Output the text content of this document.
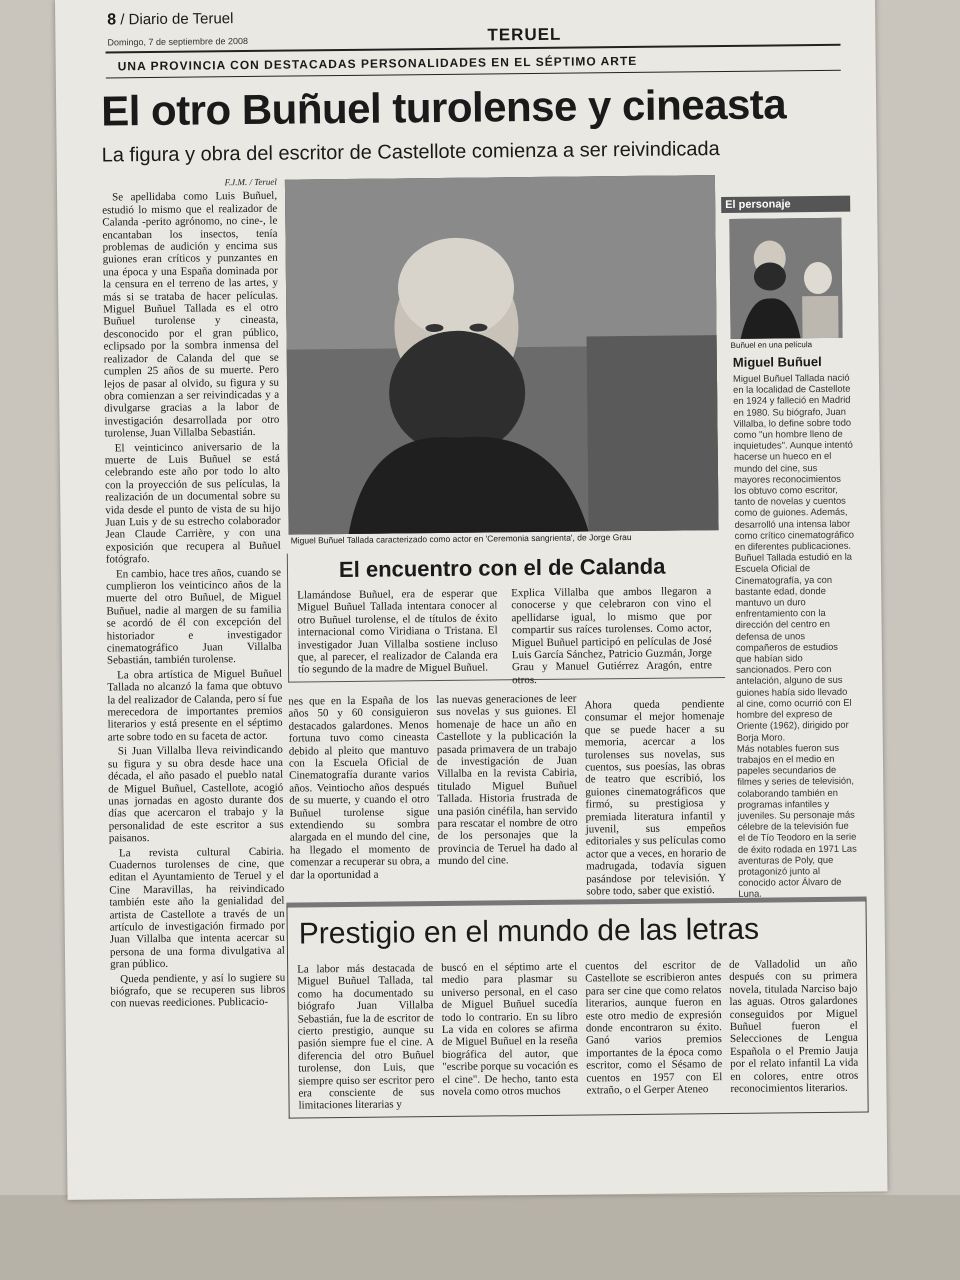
8 / Diario de Teruel
Domingo, 7 de septiembre de 2008	TERUEL
UNA PROVINCIA CON DESTACADAS PERSONALIDADES EN EL SÉPTIMO ARTE
El otro Buñuel turolense y cineasta
La figura y obra del escritor de Castellote comienza a ser reivindicada
F.J.M. / Teruel

Se apellidaba como Luis Buñuel, estudió lo mismo que el realizador de Calanda -perito agrónomo, no cine-, le encantaban los insectos, tenía problemas de audición y encima sus guiones eran críticos y punzantes en una época y una España dominada por la censura en el terreno de las artes, y más si se trataba de hacer películas. Miguel Buñuel Tallada es el otro Buñuel turolense y cineasta, desconocido por el gran público, eclipsado por la sombra inmensa del realizador de Calanda del que se cumplen 25 años de su muerte. Pero lejos de pasar al olvido, su figura y su obra comienzan a ser reivindicadas y a divulgarse gracias a la labor de investigación desarrollada por otro turolense, Juan Villalba Sebastián.

El veinticinco aniversario de la muerte de Luis Buñuel se está celebrando este año por todo lo alto con la proyección de sus películas, la realización de un documental sobre su vida desde el punto de vista de su hijo Juan Luis y de su estrecho colaborador Jean Claude Carrière, y con una exposición que recupera al Buñuel fotógrafo.

En cambio, hace tres años, cuando se cumplieron los veinticinco años de la muerte del otro Buñuel, de Miguel Buñuel, nadie al margen de su familia se acordó de él con excepción del historiador e investigador cinematográfico Juan Villalba Sebastián, también turolense.

La obra artística de Miguel Buñuel Tallada no alcanzó la fama que obtuvo la del realizador de Calanda, pero sí fue merecedora de importantes premios literarios y está presente en el séptimo arte sobre todo en su faceta de actor.

Si Juan Villalba lleva reivindicando su figura y su obra desde hace una década, el año pasado el pueblo natal de Miguel Buñuel, Castellote, acogió unas jornadas en agosto durante dos días que acercaron el trabajo y la personalidad de este escritor a sus paisanos.

La revista cultural Cabiria. Cuadernos turolenses de cine, que editan el Ayuntamiento de Teruel y el Cine Maravillas, ha reivindicado también este año la genialidad del artista de Castellote a través de un artículo de investigación firmado por Juan Villalba que intenta acercar su persona de una forma divulgativa al gran público.

Queda pendiente, y así lo sugiere su biógrafo, que se recuperen sus libros con nuevas reediciones. Publicacio-

Miguel Buñuel Tallada caracterizado como actor en 'Ceremonia sangrienta', de Jorge Grau
El personaje
Buñuel en una película
Miguel Buñuel

Miguel Buñuel Tallada nació en la localidad de Castellote en 1924 y falleció en Madrid en 1980. Su biógrafo, Juan Villalba, lo define sobre todo como "un hombre lleno de inquietudes". Aunque intentó hacerse un hueco en el mundo del cine, sus mayores reconocimientos los obtuvo como escritor, tanto de novelas y cuentos como de guiones. Además, desarrolló una intensa labor como crítico cinematográfico en diferentes publicaciones.

Buñuel Tallada estudió en la Escuela Oficial de Cinematografía, ya con bastante edad, donde mantuvo un duro enfrentamiento con la dirección del centro en defensa de unos compañeros de estudios que habían sido sancionados. Pero con antelación, alguno de sus guiones había sido llevado al cine, como ocurrió con El hombre del expreso de Oriente (1962), dirigido por Borja Moro.

Más notables fueron sus trabajos en el medio en papeles secundarios de filmes y series de televisión, colaborando también en programas infantiles y juveniles. Su personaje más célebre de la televisión fue el de Tío Teodoro en la serie de éxito rodada en 1971 Las aventuras de Poly, que protagonizó junto al conocido actor Álvaro de Luna.

El encuentro con el de Calanda
Llamándose Buñuel, era de esperar que Miguel Buñuel Tallada intentara conocer al otro Buñuel turolense, el de títulos de éxito internacional como Viridiana o Tristana. El investigador Juan Villalba sostiene incluso que, al parecer, el realizador de Calanda era tío segundo de la madre de Miguel Buñuel.
Explica Villalba que ambos llegaron a conocerse y que celebraron con vino el apellidarse igual, lo mismo que por compartir sus raíces turolenses. Como actor, Miguel Buñuel participó en películas de José Luis García Sánchez, Patricio Guzmán, Jorge Grau y Manuel Gutiérrez Aragón, entre otros.
nes que en la España de los años 50 y 60 consiguieron destacados galardones. Menos fortuna tuvo como cineasta debido al pleito que mantuvo con la Escuela Oficial de Cinematografía durante varios años. Veintiocho años después de su muerte, y cuando el otro Buñuel turolense sigue extendiendo su sombra alargada en el mundo del cine, ha llegado el momento de comenzar a recuperar su obra, a dar la oportunidad a
las nuevas generaciones de leer sus novelas y sus guiones. El homenaje de hace un año en Castellote y la publicación la pasada primavera de un trabajo de investigación de Juan Villalba en la revista Cabiria, titulado Miguel Buñuel Tallada. Historia frustrada de una pasión cinéfila, han servido para rescatar el nombre de otro de los personajes que la provincia de Teruel ha dado al mundo del cine.
Ahora queda pendiente consumar el mejor homenaje que se puede hacer a su memoria, acercar a los turolenses sus novelas, sus cuentos, sus poesías, las obras de teatro que escribió, los guiones cinematográficos que firmó, su prestigiosa y premiada literatura infantil y juvenil, sus empeños editoriales y sus películas como actor que a veces, en horario de madrugada, todavía siguen pasándose por televisión. Y sobre todo, saber que existió.
Prestigio en el mundo de las letras
La labor más destacada de Miguel Buñuel Tallada, tal como ha documentado su biógrafo Juan Villalba Sebastián, fue la de escritor de cierto prestigio, aunque su pasión siempre fue el cine. A diferencia del otro Buñuel turolense, don Luis, que siempre quiso ser escritor pero era consciente de sus limitaciones literarias y
buscó en el séptimo arte el medio para plasmar su universo personal, en el caso de Miguel Buñuel sucedía todo lo contrario. En su libro La vida en colores se afirma de Miguel Buñuel en la reseña biográfica del autor, que "escribe porque su vocación es el cine". De hecho, tanto esta novela como otros muchos
cuentos del escritor de Castellote se escribieron antes para ser cine que como relatos literarios, aunque fueron en este otro medio de expresión donde encontraron su éxito. Ganó varios premios importantes de la época como escritor, como el Sésamo de cuentos en 1957 con El extraño, o el Gerper Ateneo
de Valladolid un año después con su primera novela, titulada Narciso bajo las aguas. Otros galardones conseguidos por Miguel Buñuel fueron el Selecciones de Lengua Española o el Premio Jauja por el relato infantil La vida en colores, entre otros reconocimientos literarios.
